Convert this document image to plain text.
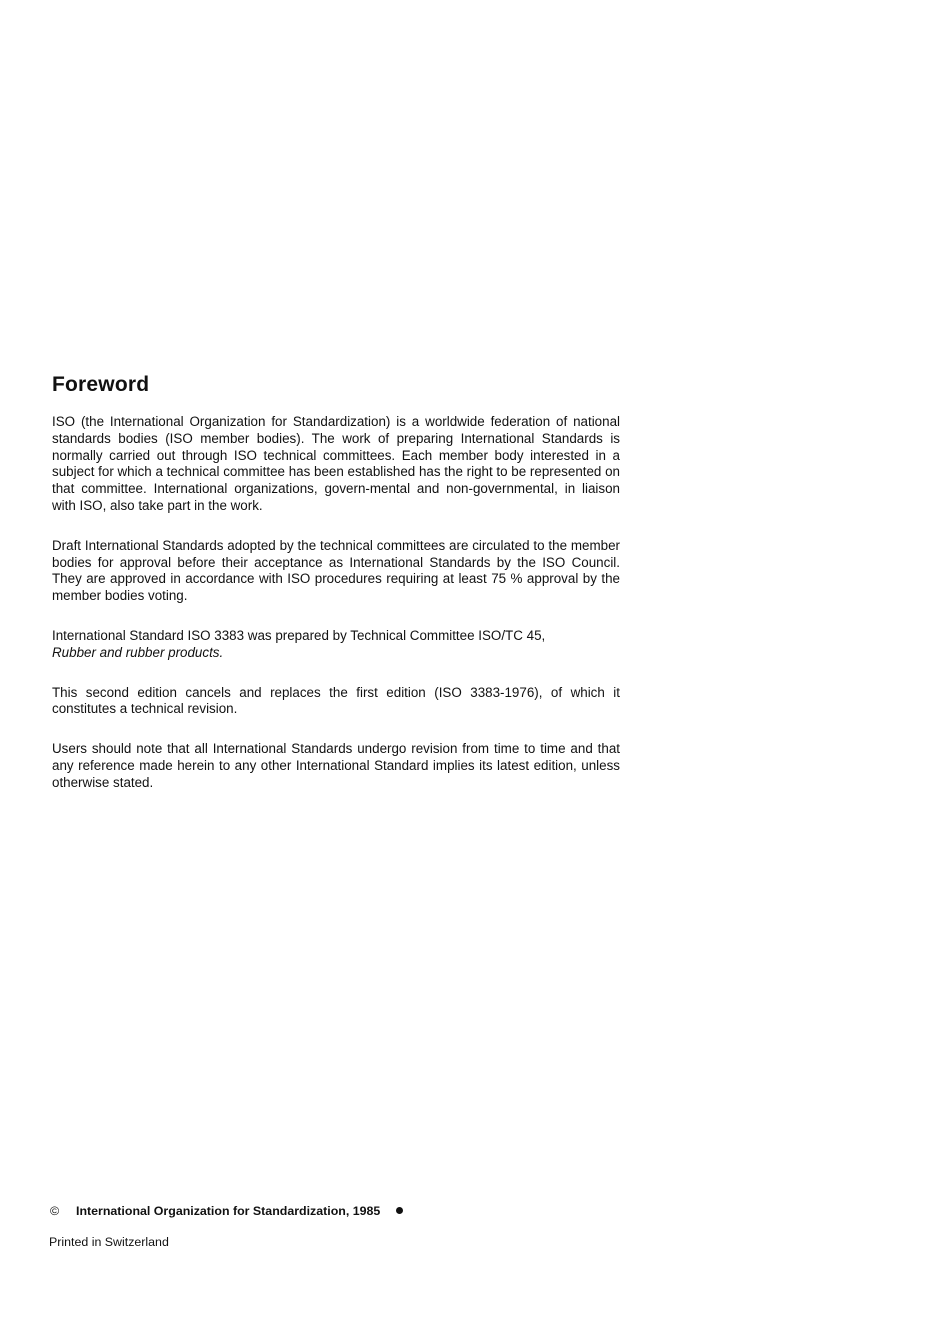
Foreword

ISO (the International Organization for Standardization) is a worldwide federation of national standards bodies (ISO member bodies). The work of preparing International Standards is normally carried out through ISO technical committees. Each member body interested in a subject for which a technical committee has been established has the right to be represented on that committee. International organizations, govern-mental and non-governmental, in liaison with ISO, also take part in the work.

Draft International Standards adopted by the technical committees are circulated to the member bodies for approval before their acceptance as International Standards by the ISO Council. They are approved in accordance with ISO procedures requiring at least 75 % approval by the member bodies voting.

International Standard ISO 3383 was prepared by Technical Committee ISO/TC 45,
Rubber and rubber products.

This second edition cancels and replaces the first edition (ISO 3383-1976), of which it constitutes a technical revision.

Users should note that all International Standards undergo revision from time to time and that any reference made herein to any other International Standard implies its latest edition, unless otherwise stated.

© International Organization for Standardization, 1985
Printed in Switzerland
